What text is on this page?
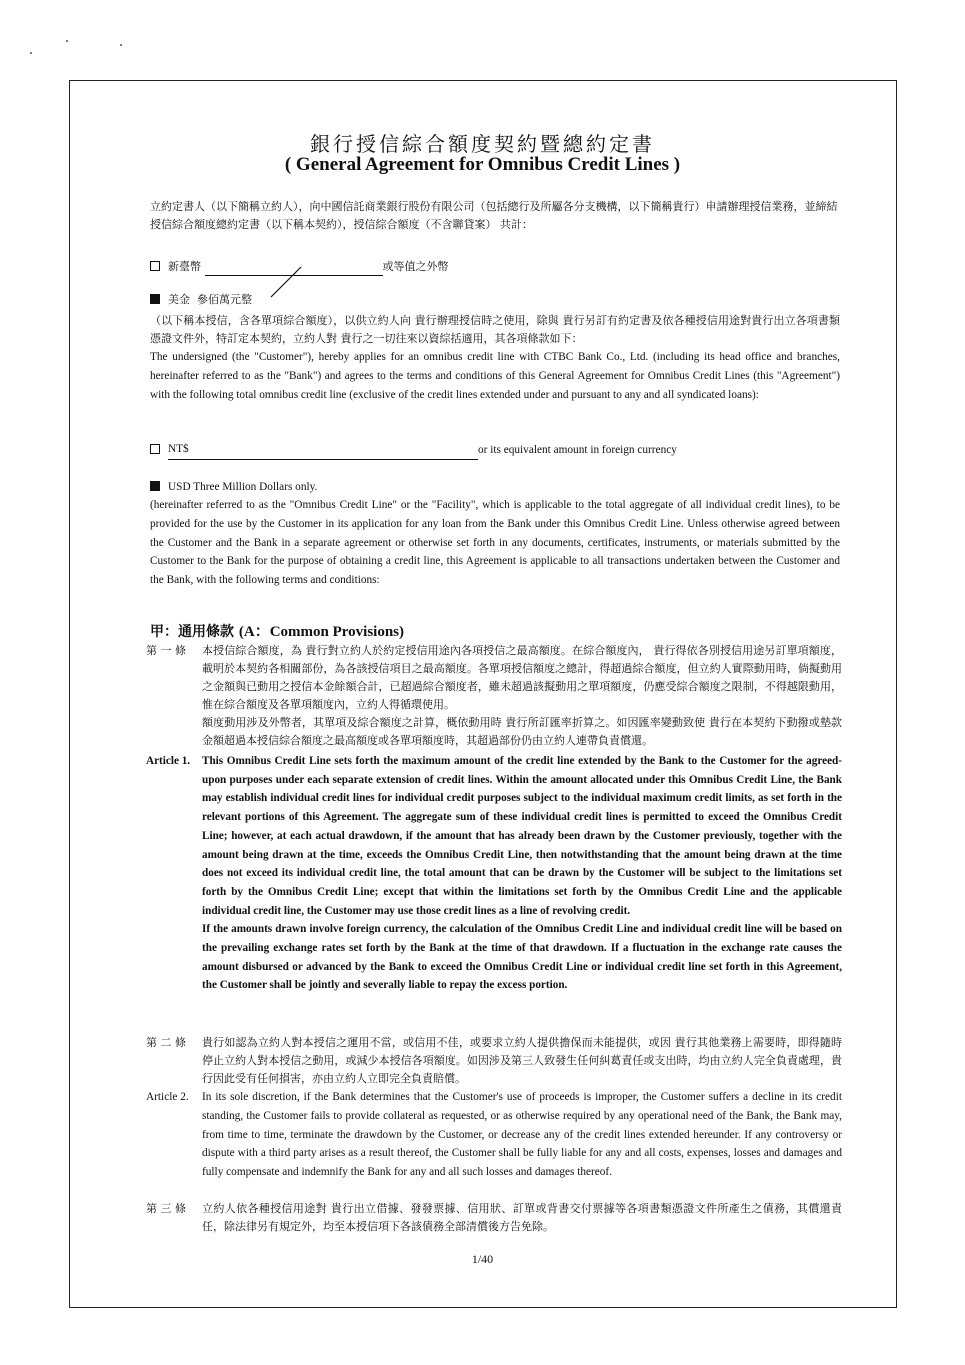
銀行授信綜合額度契約暨總約定書
( General Agreement for Omnibus Credit Lines )
立約定書人（以下簡稱立約人），向中國信託商業銀行股份有限公司（包括總行及所屬各分支機構，以下簡稱貴行）申請辦理授信業務，並締結授信綜合額度總約定書（以下稱本契約），授信綜合額度（不含聯貸案） 共計：
新臺幣	或等值之外幣
美金 參佰萬元整
（以下稱本授信，含各單項綜合額度），以供立約人向 貴行辦理授信時之使用，除與 貴行另訂有約定書及依各種授信用途對貴行出立各項書類憑證文件外，特訂定本契約，立約人對 貴行之一切往來以資綜括適用，其各項條款如下：
The undersigned (the "Customer"), hereby applies for an omnibus credit line with CTBC Bank Co., Ltd. (including its head office and branches, hereinafter referred to as the "Bank") and agrees to the terms and conditions of this General Agreement for Omnibus Credit Lines (this "Agreement") with the following total omnibus credit line (exclusive of the credit lines extended under and pursuant to any and all syndicated loans):
NT$	or its equivalent amount in foreign currency
USD Three Million Dollars only.
(hereinafter referred to as the "Omnibus Credit Line" or the "Facility", which is applicable to the total aggregate of all individual credit lines), to be provided for the use by the Customer in its application for any loan from the Bank under this Omnibus Credit Line. Unless otherwise agreed between the Customer and the Bank in a separate agreement or otherwise set forth in any documents, certificates, instruments, or materials submitted by the Customer to the Bank for the purpose of obtaining a credit line, this Agreement is applicable to all transactions undertaken between the Customer and the Bank, with the following terms and conditions:
甲：通用條款 (A：Common Provisions)
第 一 條 本授信綜合額度，為 貴行對立約人於約定授信用途內各項授信之最高額度。在綜合額度內， 貴行得依各別授信用途另訂單項額度，載明於本契約各相關部份，為各該授信項目之最高額度。各單項授信額度之總計，得超過綜合額度，但立約人實際動用時，倘擬動用之金額與已動用之授信本金餘額合計，已超過綜合額度者，雖未超過該擬動用之單項額度，仍應受綜合額度之限制，不得越限動用，惟在綜合額度及各單項額度內，立約人得循環使用。
額度動用涉及外幣者，其單項及綜合額度之計算，概依動用時 貴行所訂匯率折算之。如因匯率變動致使 貴行在本契約下動撥或墊款金額超過本授信綜合額度之最高額度或各單項額度時，其超過部份仍由立約人連帶負責償還。
Article 1. This Omnibus Credit Line sets forth the maximum amount of the credit line extended by the Bank to the Customer for the agreed-upon purposes under each separate extension of credit lines. Within the amount allocated under this Omnibus Credit Line, the Bank may establish individual credit lines for individual credit purposes subject to the individual maximum credit limits, as set forth in the relevant portions of this Agreement. The aggregate sum of these individual credit lines is permitted to exceed the Omnibus Credit Line; however, at each actual drawdown, if the amount that has already been drawn by the Customer previously, together with the amount being drawn at the time, exceeds the Omnibus Credit Line, then notwithstanding that the amount being drawn at the time does not exceed its individual credit line, the total amount that can be drawn by the Customer will be subject to the limitations set forth by the Omnibus Credit Line; except that within the limitations set forth by the Omnibus Credit Line and the applicable individual credit line, the Customer may use those credit lines as a line of revolving credit.
If the amounts drawn involve foreign currency, the calculation of the Omnibus Credit Line and individual credit line will be based on the prevailing exchange rates set forth by the Bank at the time of that drawdown. If a fluctuation in the exchange rate causes the amount disbursed or advanced by the Bank to exceed the Omnibus Credit Line or individual credit line set forth in this Agreement, the Customer shall be jointly and severally liable to repay the excess portion.
第 二 條 貴行如認為立約人對本授信之運用不當，或信用不佳，或要求立約人提供擔保而未能提供，或因 貴行其他業務上需要時，即得隨時停止立約人對本授信之動用，或減少本授信各項額度。如因涉及第三人致發生任何糾葛責任或支出時，均由立約人完全負責處理，貴行因此受有任何損害，亦由立約人立即完全負責賠償。
Article 2. In its sole discretion, if the Bank determines that the Customer's use of proceeds is improper, the Customer suffers a decline in its credit standing, the Customer fails to provide collateral as requested, or as otherwise required by any operational need of the Bank, the Bank may, from time to time, terminate the drawdown by the Customer, or decrease any of the credit lines extended hereunder. If any controversy or dispute with a third party arises as a result thereof, the Customer shall be fully liable for any and all costs, expenses, losses and damages and fully compensate and indemnify the Bank for any and all such losses and damages thereof.
第 三 條 立約人依各種授信用途對 貴行出立借據、發發票據、信用狀、訂單或背書交付票據等各項書類憑證文件所產生之債務，其償還責任，除法律另有規定外，均至本授信項下各該債務全部清償後方告免除。
1/40
